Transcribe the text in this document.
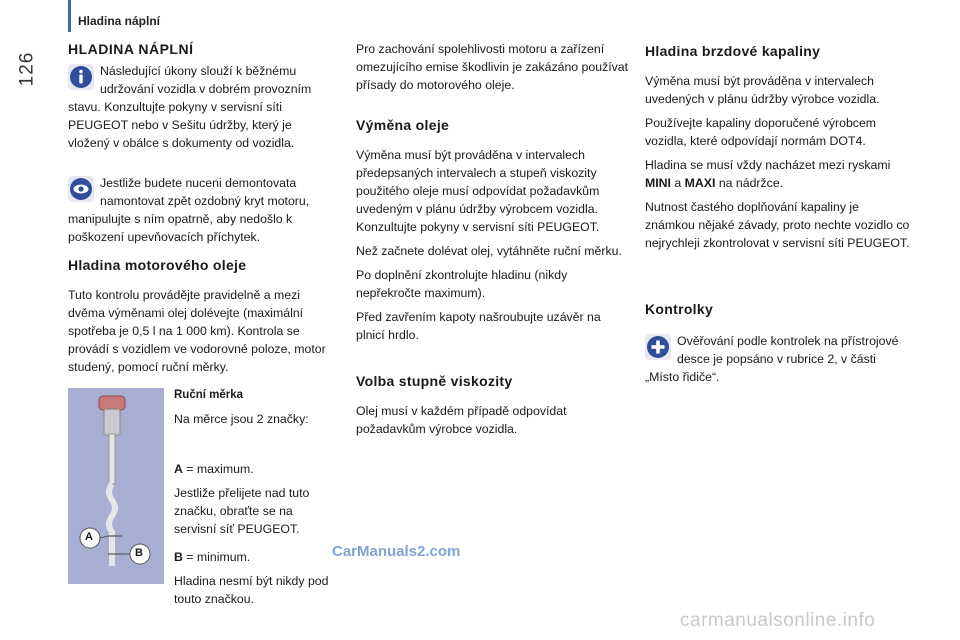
126
Hladina náplní
HLADINA NÁPLNÍ

Následující úkony slouží k běžnému udržování vozidla v dobrém provozním stavu. Konzultujte pokyny v servisní síti PEUGEOT nebo v Sešitu údržby, který je vložený v obálce s dokumenty od vozidla.

Jestliže budete nuceni demontovata namontovat zpět ozdobný kryt motoru, manipulujte s ním opatrně, aby nedošlo k poškození upevňovacích příchytek.

Hladina motorového oleje

Tuto kontrolu provádějte pravidelně a mezi dvěma výměnami olej dolévejte (maximální spotřeba je 0,5 l na 1 000 km). Kontrola se provádí s vozidlem ve vodorovné poloze, motor studený, pomocí ruční měrky.

A
B

Ruční měrka

Na měrce jsou 2 značky:

A = maximum.

Jestliže přelijete nad tuto značku, obraťte se na servisní síť PEUGEOT.

B = minimum.

Hladina nesmí být nikdy pod touto značkou.

Pro zachování spolehlivosti motoru a zařízení omezujícího emise škodlivin je zakázáno používat přísady do motorového oleje.

Výměna oleje

Výměna musí být prováděna v intervalech předepsaných intervalech a stupeň viskozity použitého oleje musí odpovídat požadavkům uvedeným v plánu údržby výrobcem vozidla. Konzultujte pokyny v servisní síti PEUGEOT.

Než začnete dolévat olej, vytáhněte ruční měrku.

Po doplnění zkontrolujte hladinu (nikdy nepřekročte maximum).

Před zavřením kapoty našroubujte uzávěr na plnicí hrdlo.

Volba stupně viskozity

Olej musí v každém případě odpovídat požadavkům výrobce vozidla.

Hladina brzdové kapaliny

Výměna musí být prováděna v intervalech uvedených v plánu údržby výrobce vozidla.

Používejte kapaliny doporučené výrobcem vozidla, které odpovídají normám DOT4.

Hladina se musí vždy nacházet mezi ryskami MINI a MAXI na nádržce.

Nutnost častého doplňování kapaliny je známkou nějaké závady, proto nechte vozidlo co nejrychleji zkontrolovat v servisní síti PEUGEOT.

Kontrolky

Ověřování podle kontrolek na přístrojové desce je popsáno v rubrice 2, v části „Místo řidiče“.

CarManuals2.com
carmanualsonline.info
